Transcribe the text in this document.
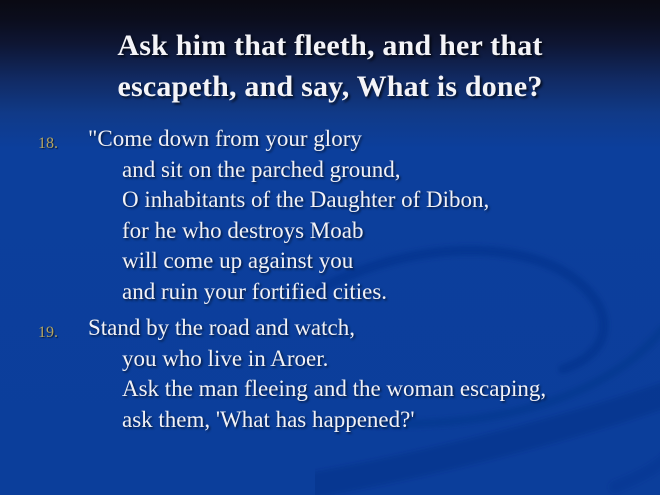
Ask him that fleeth, and her that
escapeth, and say, What is done?
18. "Come down from your glory
and sit on the parched ground,
O inhabitants of the Daughter of Dibon,
for he who destroys Moab
will come up against you
and ruin your fortified cities.
19. Stand by the road and watch,
you who live in Aroer.
Ask the man fleeing and the woman escaping,
ask them, 'What has happened?'
